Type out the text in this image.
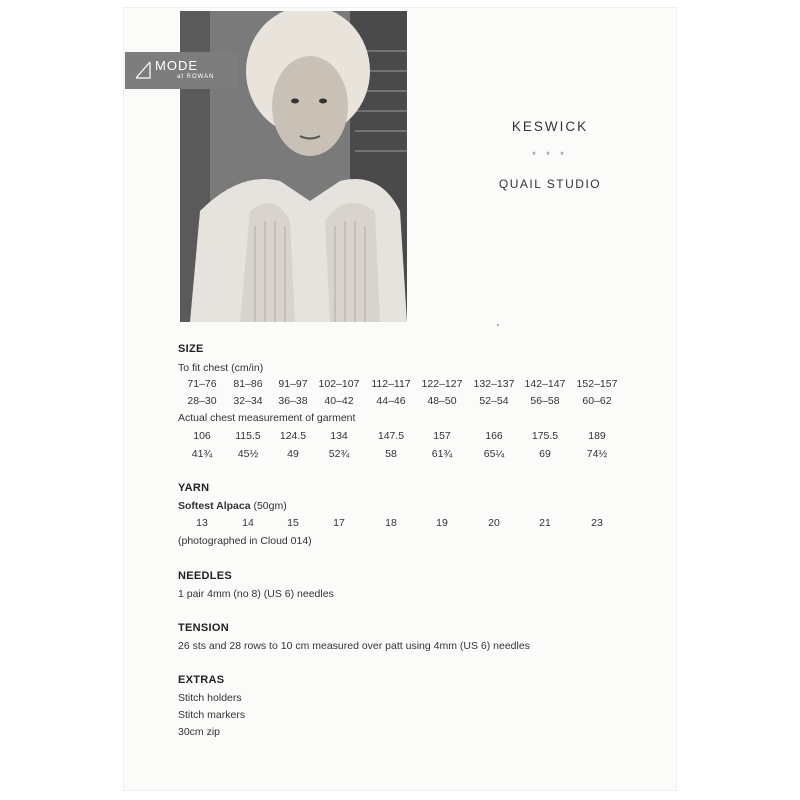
MODE
at ROWAN
KESWICK
* * *
QUAIL STUDIO
SIZE
To fit chest (cm/in)
71–76	81–86	91–97	102–107	112–117	122–127	132–137 142–147	152–157
28–30	32–34	36–38	40–42	44–46	48–50	52–54	56–58	60–62
Actual chest measurement of garment
106	115.5	124.5	134	147.5	157	166	175.5	189
41¾	45½	49	52¾	58	61¾	65¼	69	74½
YARN
Softest Alpaca (50gm)
13	14	15	17	18	19	20	21	23
(photographed in Cloud 014)
NEEDLES
1 pair 4mm (no 8) (US 6) needles
TENSION
26 sts and 28 rows to 10 cm measured over patt using 4mm (US 6) needles
EXTRAS
Stitch holders
Stitch markers
30cm zip
